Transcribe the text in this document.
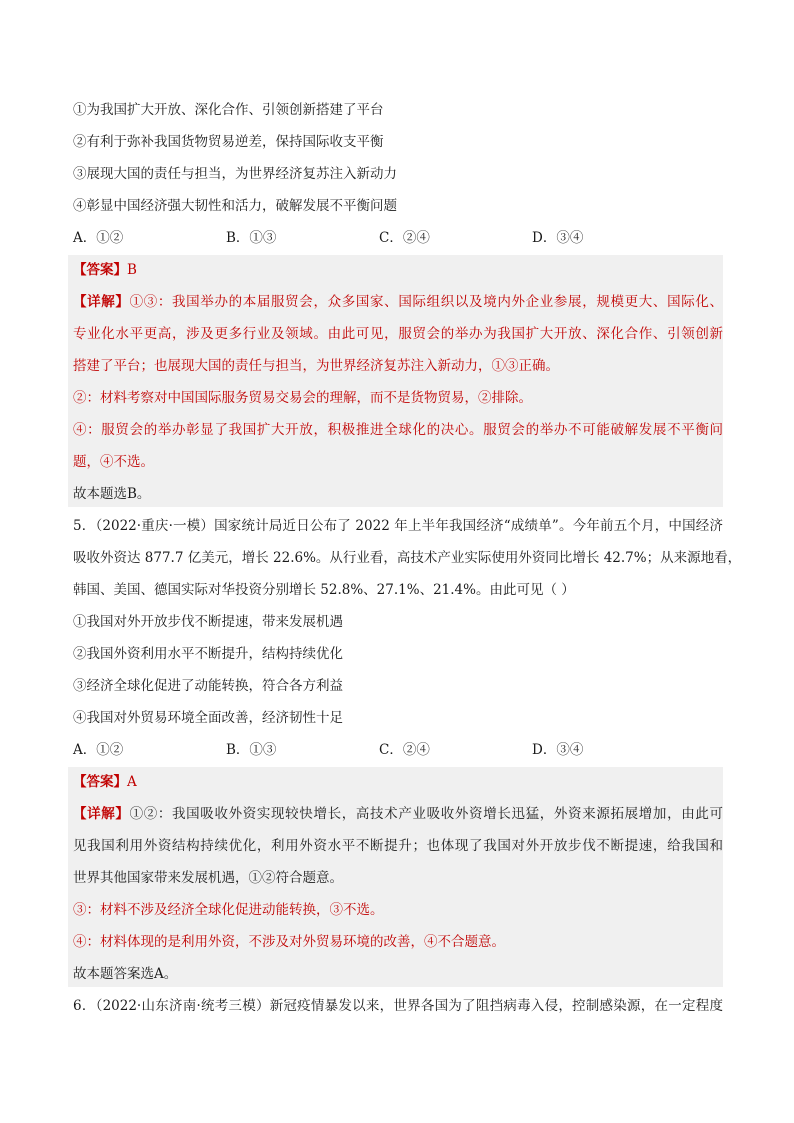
①为我国扩大开放、深化合作、引领创新搭建了平台
②有利于弥补我国货物贸易逆差，保持国际收支平衡
③展现大国的责任与担当，为世界经济复苏注入新动力
④彰显中国经济强大韧性和活力，破解发展不平衡问题
A．①②	B．①③	C．②④	D．③④
【答案】B
【详解】①③：我国举办的本届服贸会，众多国家、国际组织以及境内外企业参展，规模更大、国际化、
专业化水平更高，涉及更多行业及领域。由此可见，服贸会的举办为我国扩大开放、深化合作、引领创新
搭建了平台；也展现大国的责任与担当，为世界经济复苏注入新动力，①③正确。
②：材料考察对中国国际服务贸易交易会的理解，而不是货物贸易，②排除。
④：服贸会的举办彰显了我国扩大开放，积极推进全球化的决心。服贸会的举办不可能破解发展不平衡问
题，④不选。
故本题选B。
5．（2022·重庆·一模）国家统计局近日公布了 2022 年上半年我国经济“成绩单”。今年前五个月，中国经济
吸收外资达 877.7 亿美元，增长 22.6%。从行业看，高技术产业实际使用外资同比增长 42.7%；从来源地看，
韩国、美国、德国实际对华投资分别增长 52.8%、27.1%、21.4%。由此可见（ ）
①我国对外开放步伐不断提速，带来发展机遇
②我国外资利用水平不断提升，结构持续优化
③经济全球化促进了动能转换，符合各方利益
④我国对外贸易环境全面改善，经济韧性十足
A．①②	B．①③	C．②④	D．③④
【答案】A
【详解】①②：我国吸收外资实现较快增长，高技术产业吸收外资增长迅猛，外资来源拓展增加，由此可
见我国利用外资结构持续优化，利用外资水平不断提升；也体现了我国对外开放步伐不断提速，给我国和
世界其他国家带来发展机遇，①②符合题意。
③：材料不涉及经济全球化促进动能转换，③不选。
④：材料体现的是利用外资，不涉及对外贸易环境的改善，④不合题意。
故本题答案选A。
6．（2022·山东济南·统考三模）新冠疫情暴发以来，世界各国为了阻挡病毒入侵，控制感染源，在一定程度
